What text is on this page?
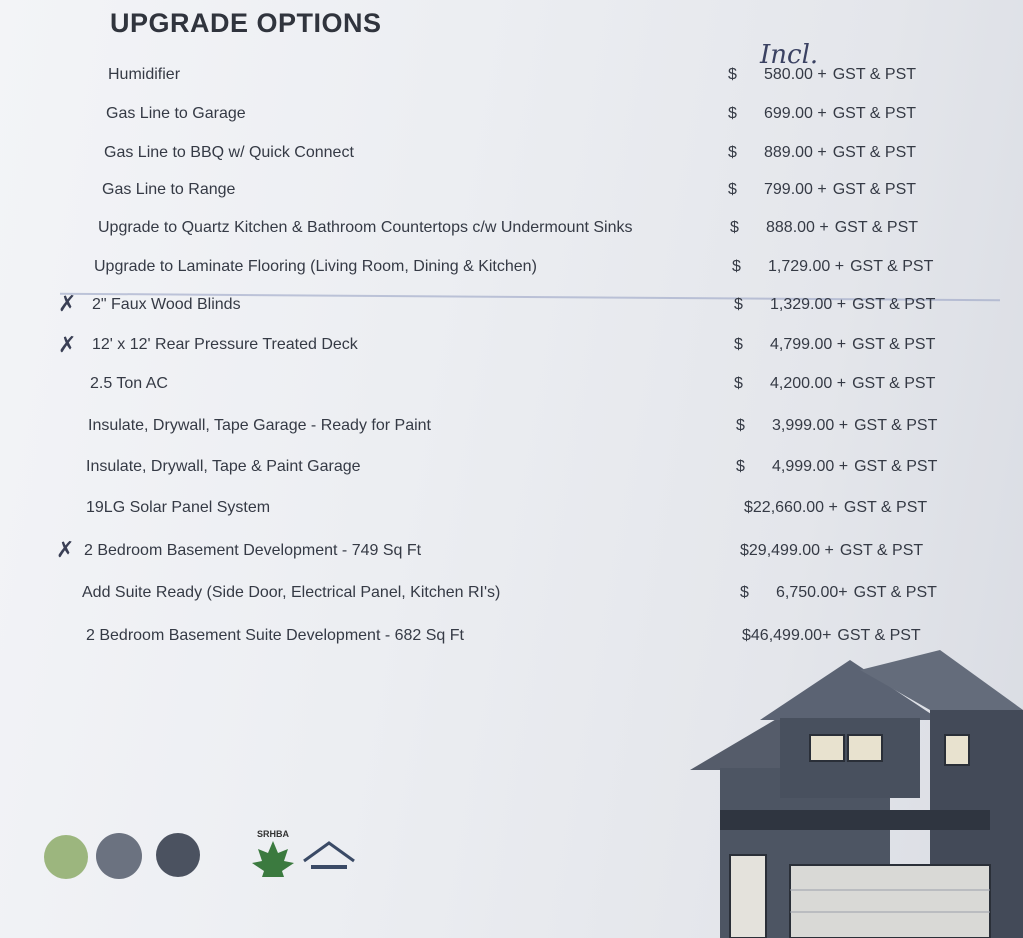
UPGRADE OPTIONS
Incl.
Humidifier	$ 580.00 + GST & PST
Gas Line to Garage	$ 699.00 + GST & PST
Gas Line to BBQ w/ Quick Connect	$ 889.00 + GST & PST
Gas Line to Range	$ 799.00 + GST & PST
Upgrade to Quartz Kitchen & Bathroom Countertops c/w Undermount Sinks	$ 888.00 + GST & PST
Upgrade to Laminate Flooring (Living Room, Dining & Kitchen)	$ 1,729.00 + GST & PST
2" Faux Wood Blinds	$ 1,329.00 + GST & PST
12' x 12' Rear Pressure Treated Deck	$ 4,799.00 + GST & PST
2.5 Ton AC	$ 4,200.00 + GST & PST
Insulate, Drywall, Tape Garage - Ready for Paint	$ 3,999.00 + GST & PST
Insulate, Drywall, Tape & Paint Garage	$ 4,999.00 + GST & PST
19LG Solar Panel System	$22,660.00 + GST & PST
2 Bedroom Basement Development - 749 Sq Ft	$29,499.00 + GST & PST
Add Suite Ready (Side Door, Electrical Panel, Kitchen RI's)	$ 6,750.00+ GST & PST
2 Bedroom Basement Suite Development - 682 Sq Ft	$46,499.00+ GST & PST
SRHBA
✗
✗
✗
